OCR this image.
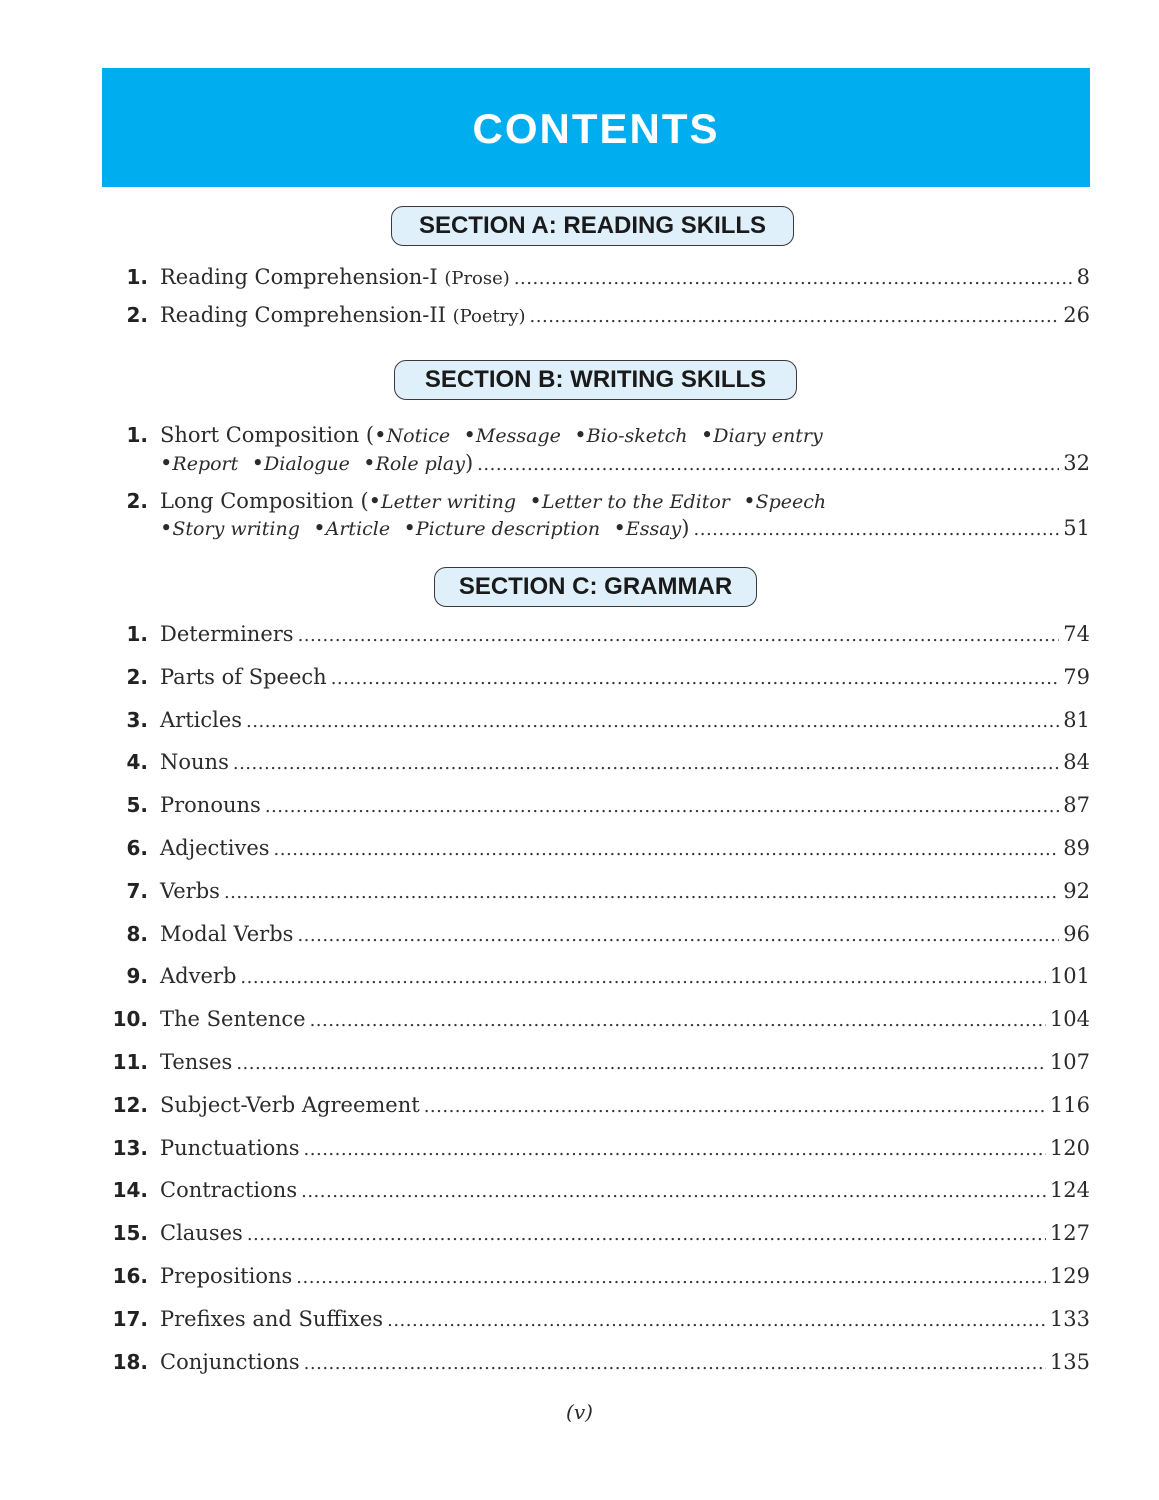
CONTENTS
SECTION A: READING SKILLS
1. Reading Comprehension-I (Prose) .....	8
2. Reading Comprehension-II (Poetry) .....	26
SECTION B: WRITING SKILLS
1. Short Composition (•Notice  •Message  •Bio-sketch  •Diary entry
•Report  •Dialogue  •Role play) .....	32
2. Long Composition (•Letter writing  •Letter to the Editor  •Speech
•Story writing  •Article  •Picture description  •Essay) .....	51
SECTION C: GRAMMAR
1. Determiners .....	74
2. Parts of Speech .....	79
3. Articles .....	81
4. Nouns .....	84
5. Pronouns .....	87
6. Adjectives .....	89
7. Verbs .....	92
8. Modal Verbs .....	96
9. Adverb .....	101
10. The Sentence .....	104
11. Tenses .....	107
12. Subject-Verb Agreement .....	116
13. Punctuations .....	120
14. Contractions .....	124
15. Clauses .....	127
16. Prepositions .....	129
17. Prefixes and Suffixes .....	133
18. Conjunctions .....	135
(v)
